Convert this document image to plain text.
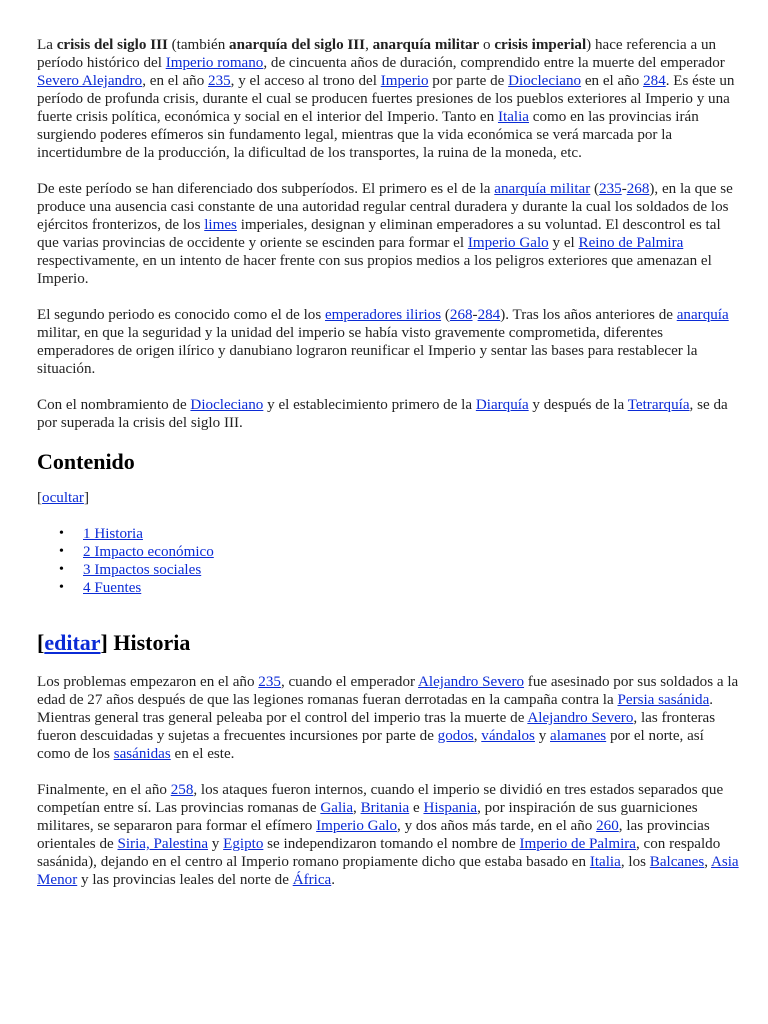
La crisis del siglo III (también anarquía del siglo III, anarquía militar o crisis imperial) hace referencia a un período histórico del Imperio romano, de cincuenta años de duración, comprendido entre la muerte del emperador Severo Alejandro, en el año 235, y el acceso al trono del Imperio por parte de Diocleciano en el año 284. Es éste un período de profunda crisis, durante el cual se producen fuertes presiones de los pueblos exteriores al Imperio y una fuerte crisis política, económica y social en el interior del Imperio. Tanto en Italia como en las provincias irán surgiendo poderes efímeros sin fundamento legal, mientras que la vida económica se verá marcada por la incertidumbre de la producción, la dificultad de los transportes, la ruina de la moneda, etc.

De este período se han diferenciado dos subperíodos. El primero es el de la anarquía militar (235-268), en la que se produce una ausencia casi constante de una autoridad regular central duradera y durante la cual los soldados de los ejércitos fronterizos, de los limes imperiales, designan y eliminan emperadores a su voluntad. El descontrol es tal que varias provincias de occidente y oriente se escinden para formar el Imperio Galo y el Reino de Palmira respectivamente, en un intento de hacer frente con sus propios medios a los peligros exteriores que amenazan el Imperio.

El segundo periodo es conocido como el de los emperadores ilirios (268-284). Tras los años anteriores de anarquía militar, en que la seguridad y la unidad del imperio se había visto gravemente comprometida, diferentes emperadores de origen ilírico y danubiano lograron reunificar el Imperio y sentar las bases para restablecer la situación.

Con el nombramiento de Diocleciano y el establecimiento primero de la Diarquía y después de la Tetrarquía, se da por superada la crisis del siglo III.

Contenido
[ocultar]
• 1 Historia
• 2 Impacto económico
• 3 Impactos sociales
• 4 Fuentes
[editar] Historia

Los problemas empezaron en el año 235, cuando el emperador Alejandro Severo fue asesinado por sus soldados a la edad de 27 años después de que las legiones romanas fueran derrotadas en la campaña contra la Persia sasánida. Mientras general tras general peleaba por el control del imperio tras la muerte de Alejandro Severo, las fronteras fueron descuidadas y sujetas a frecuentes incursiones por parte de godos, vándalos y alamanes por el norte, así como de los sasánidas en el este.

Finalmente, en el año 258, los ataques fueron internos, cuando el imperio se dividió en tres estados separados que competían entre sí. Las provincias romanas de Galia, Britania e Hispania, por inspiración de sus guarniciones militares, se separaron para formar el efímero Imperio Galo, y dos años más tarde, en el año 260, las provincias orientales de Siria, Palestina y Egipto se independizaron tomando el nombre de Imperio de Palmira, con respaldo sasánida), dejando en el centro al Imperio romano propiamente dicho que estaba basado en Italia, los Balcanes, Asia Menor y las provincias leales del norte de África.
